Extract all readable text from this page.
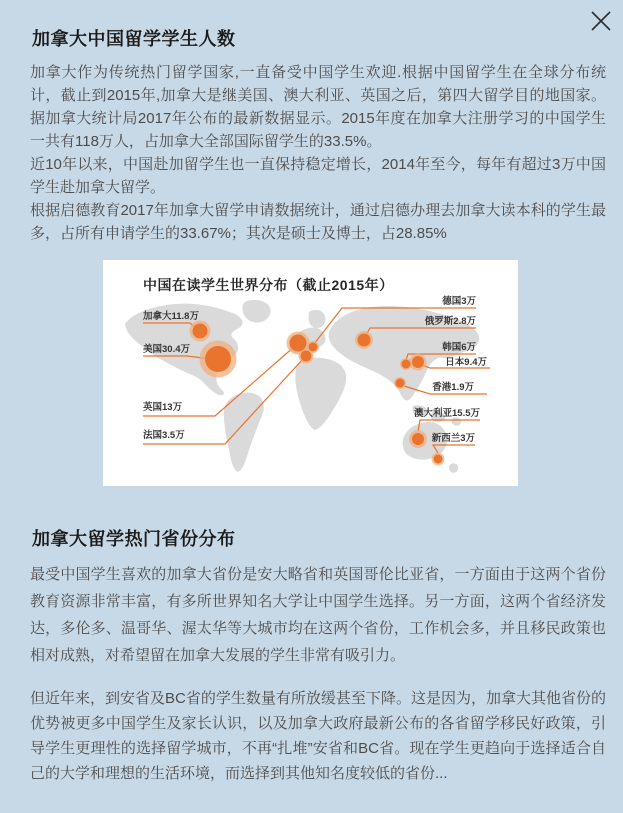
加拿大中国留学学生人数

加拿大作为传统热门留学国家,一直备受中国学生欢迎.根据中国留学生在全球分布统计，截止到2015年,加拿大是继美国、澳大利亚、英国之后，第四大留学目的地国家。据加拿大统计局2017年公布的最新数据显示。2015年度在加拿大注册学习的中国学生一共有118万人，占加拿大全部国际留学生的33.5%。

近10年以来，中国赴加留学生也一直保持稳定增长，2014年至今，每年有超过3万中国学生赴加拿大留学。

根据启德教育2017年加拿大留学申请数据统计，通过启德办理去加拿大读本科的学生最多，占所有申请学生的33.67%；其次是硕士及博士，占28.85%

中国在读学生世界分布（截止2015年）
加拿大11.8万
美国30.4万
英国13万
法国3.5万
德国3万
俄罗斯2.8万
韩国6万
日本9.4万
香港1.9万
澳大利亚15.5万
新西兰3万
加拿大留学热门省份分布

最受中国学生喜欢的加拿大省份是安大略省和英国哥伦比亚省，一方面由于这两个省份教育资源非常丰富，有多所世界知名大学让中国学生选择。另一方面，这两个省经济发达，多伦多、温哥华、渥太华等大城市均在这两个省份，工作机会多，并且移民政策也相对成熟，对希望留在加拿大发展的学生非常有吸引力。

但近年来，到安省及BC省的学生数量有所放缓甚至下降。这是因为，加拿大其他省份的优势被更多中国学生及家长认识，以及加拿大政府最新公布的各省留学移民好政策，引导学生更理性的选择留学城市，不再“扎堆”安省和BC省。现在学生更趋向于选择适合自己的大学和理想的生活环境，而选择到其他知名度较低的省份...
